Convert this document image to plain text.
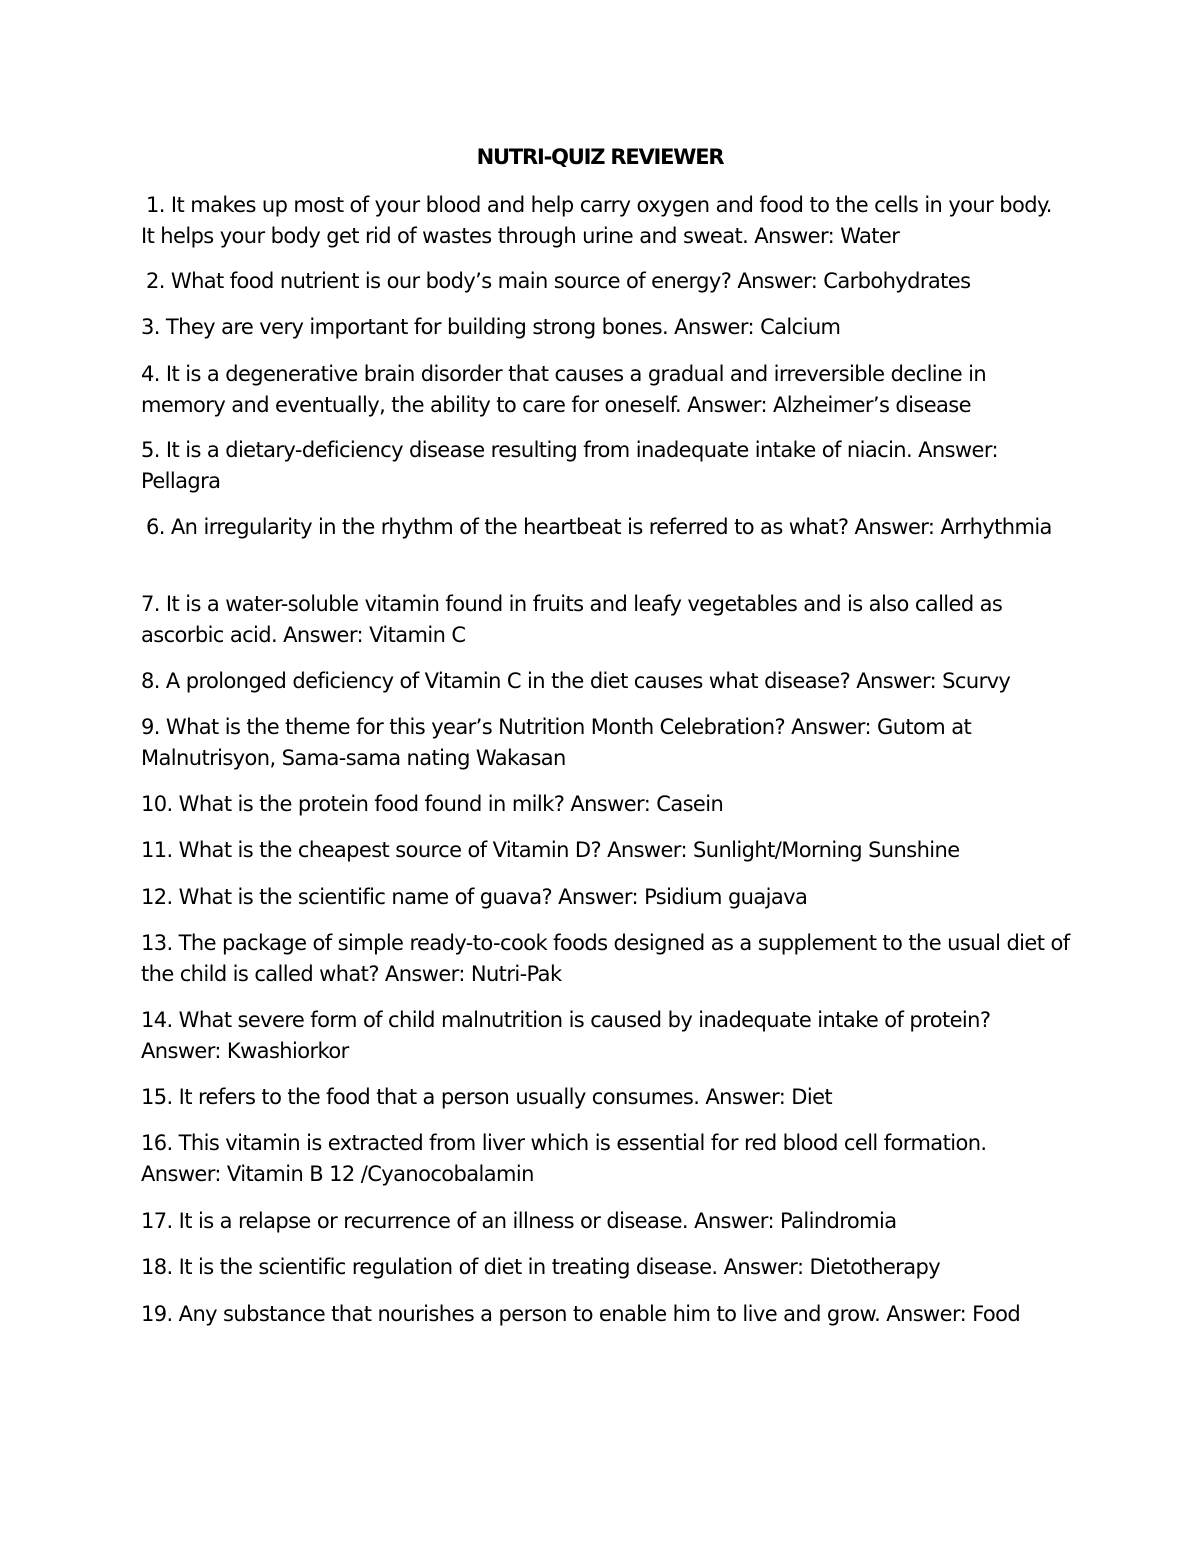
NUTRI-QUIZ REVIEWER

1. It makes up most of your blood and help carry oxygen and food to the cells in your body. It helps your body get rid of wastes through urine and sweat. Answer: Water

2. What food nutrient is our body’s main source of energy? Answer: Carbohydrates

3. They are very important for building strong bones. Answer: Calcium

4. It is a degenerative brain disorder that causes a gradual and irreversible decline in memory and eventually, the ability to care for oneself. Answer: Alzheimer’s disease

5. It is a dietary-deficiency disease resulting from inadequate intake of niacin. Answer: Pellagra

6. An irregularity in the rhythm of the heartbeat is referred to as what? Answer: Arrhythmia

7. It is a water-soluble vitamin found in fruits and leafy vegetables and is also called as ascorbic acid. Answer: Vitamin C

8. A prolonged deficiency of Vitamin C in the diet causes what disease? Answer: Scurvy

9. What is the theme for this year’s Nutrition Month Celebration? Answer: Gutom at Malnutrisyon, Sama-sama nating Wakasan

10. What is the protein food found in milk? Answer: Casein

11. What is the cheapest source of Vitamin D? Answer: Sunlight/Morning Sunshine

12. What is the scientific name of guava? Answer: Psidium guajava

13. The package of simple ready-to-cook foods designed as a supplement to the usual diet of the child is called what? Answer: Nutri-Pak

14. What severe form of child malnutrition is caused by inadequate intake of protein? Answer: Kwashiorkor

15. It refers to the food that a person usually consumes. Answer: Diet

16. This vitamin is extracted from liver which is essential for red blood cell formation. Answer: Vitamin B 12 /Cyanocobalamin

17. It is a relapse or recurrence of an illness or disease. Answer: Palindromia

18. It is the scientific regulation of diet in treating disease. Answer: Dietotherapy

19. Any substance that nourishes a person to enable him to live and grow. Answer: Food
